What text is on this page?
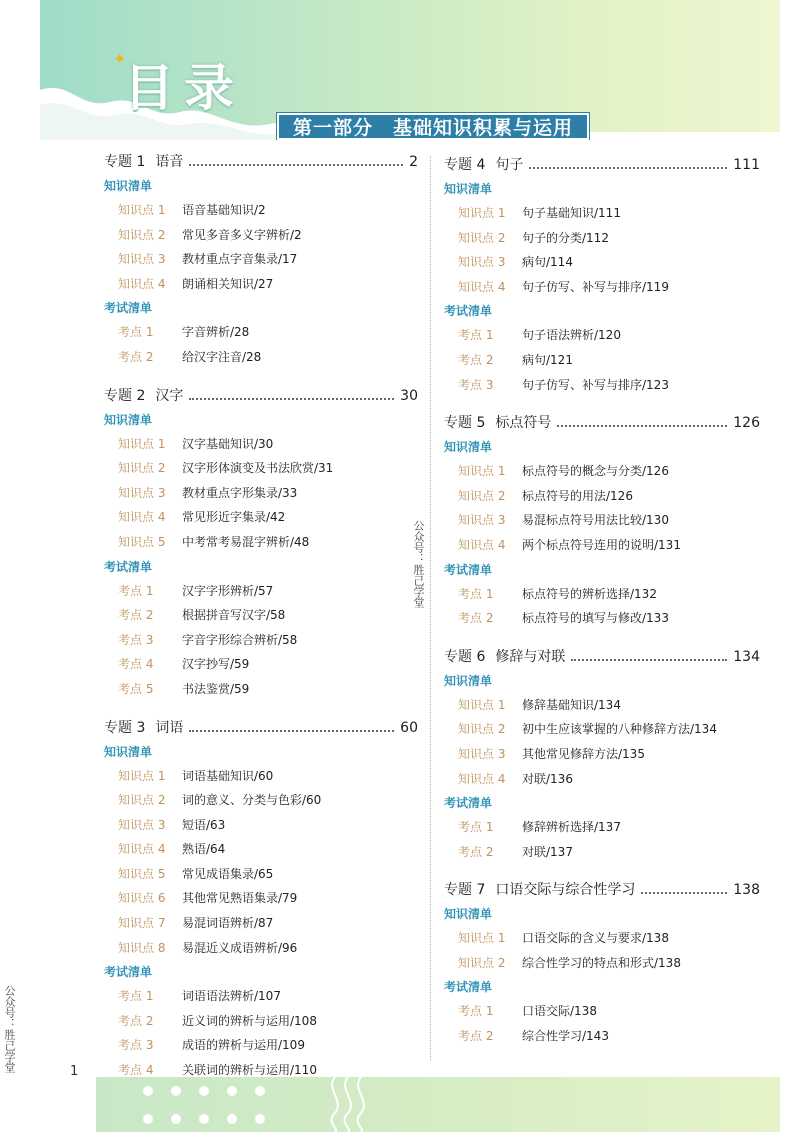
✦
目录
第一部分　基础知识积累与运用
专题 1 语音	2
知识清单
知识点 1	语音基础知识/2
知识点 2	常见多音多义字辨析/2
知识点 3	教材重点字音集录/17
知识点 4	朗诵相关知识/27
考试清单
考点 1	字音辨析/28
考点 2	给汉字注音/28
专题 2 汉字	30
知识清单
知识点 1	汉字基础知识/30
知识点 2	汉字形体演变及书法欣赏/31
知识点 3	教材重点字形集录/33
知识点 4	常见形近字集录/42
知识点 5	中考常考易混字辨析/48
考试清单
考点 1	汉字字形辨析/57
考点 2	根据拼音写汉字/58
考点 3	字音字形综合辨析/58
考点 4	汉字抄写/59
考点 5	书法鉴赏/59
专题 3 词语	60
知识清单
知识点 1	词语基础知识/60
知识点 2	词的意义、分类与色彩/60
知识点 3	短语/63
知识点 4	熟语/64
知识点 5	常见成语集录/65
知识点 6	其他常见熟语集录/79
知识点 7	易混词语辨析/87
知识点 8	易混近义成语辨析/96
考试清单
考点 1	词语语法辨析/107
考点 2	近义词的辨析与运用/108
考点 3	成语的辨析与运用/109
考点 4	关联词的辨析与运用/110
专题 4 句子	111
知识清单
知识点 1	句子基础知识/111
知识点 2	句子的分类/112
知识点 3	病句/114
知识点 4	句子仿写、补写与排序/119
考试清单
考点 1	句子语法辨析/120
考点 2	病句/121
考点 3	句子仿写、补写与排序/123
专题 5 标点符号	126
知识清单
知识点 1	标点符号的概念与分类/126
知识点 2	标点符号的用法/126
知识点 3	易混标点符号用法比较/130
知识点 4	两个标点符号连用的说明/131
考试清单
考点 1	标点符号的辨析选择/132
考点 2	标点符号的填写与修改/133
专题 6 修辞与对联	134
知识清单
知识点 1	修辞基础知识/134
知识点 2	初中生应该掌握的八种修辞方法/134
知识点 3	其他常见修辞方法/135
知识点 4	对联/136
考试清单
考点 1	修辞辨析选择/137
考点 2	对联/137
专题 7 口语交际与综合性学习	138
知识清单
知识点 1	口语交际的含义与要求/138
知识点 2	综合性学习的特点和形式/138
考试清单
考点 1	口语交际/138
考点 2	综合性学习/143
公众号：胜己学堂
公众号：胜己学堂	1
